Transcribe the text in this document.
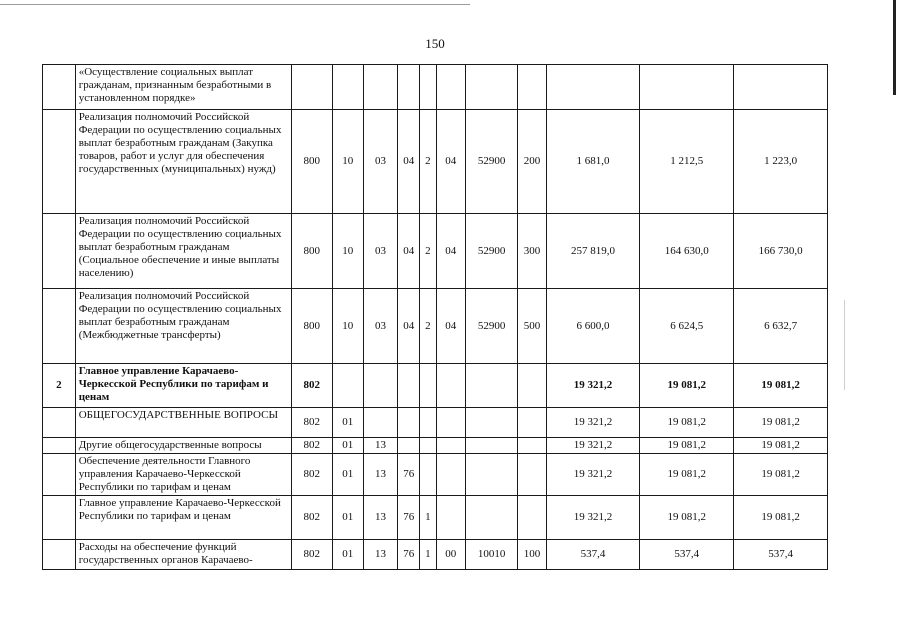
150
	«Осуществление социальных выплат гражданам, признанным безработными в установленном порядке»											
	Реализация полномочий Российской Федерации по осуществлению социальных выплат безработным гражданам (Закупка товаров, работ и услуг для обеспечения государственных (муниципальных) нужд)	800	10	03	04	2	04	52900	200	1 681,0	1 212,5	1 223,0
	Реализация полномочий Российской Федерации по осуществлению социальных выплат безработным гражданам (Социальное обеспечение и иные выплаты населению)	800	10	03	04	2	04	52900	300	257 819,0	164 630,0	166 730,0
	Реализация полномочий Российской Федерации по осуществлению социальных выплат безработным гражданам (Межбюджетные трансферты)	800	10	03	04	2	04	52900	500	6 600,0	6 624,5	6 632,7
2	Главное управление Карачаево-Черкесской Республики по тарифам и ценам	802								19 321,2	19 081,2	19 081,2
	ОБЩЕГОСУДАРСТВЕННЫЕ ВОПРОСЫ	802	01							19 321,2	19 081,2	19 081,2
	Другие общегосударственные вопросы	802	01	13						19 321,2	19 081,2	19 081,2
	Обеспечение деятельности Главного управления Карачаево-Черкесской Республики по тарифам и ценам	802	01	13	76					19 321,2	19 081,2	19 081,2
	Главное управление Карачаево-Черкесской Республики по тарифам и ценам	802	01	13	76	1				19 321,2	19 081,2	19 081,2
	Расходы на обеспечение функций государственных органов Карачаево-	802	01	13	76	1	00	10010	100	537,4	537,4	537,4
